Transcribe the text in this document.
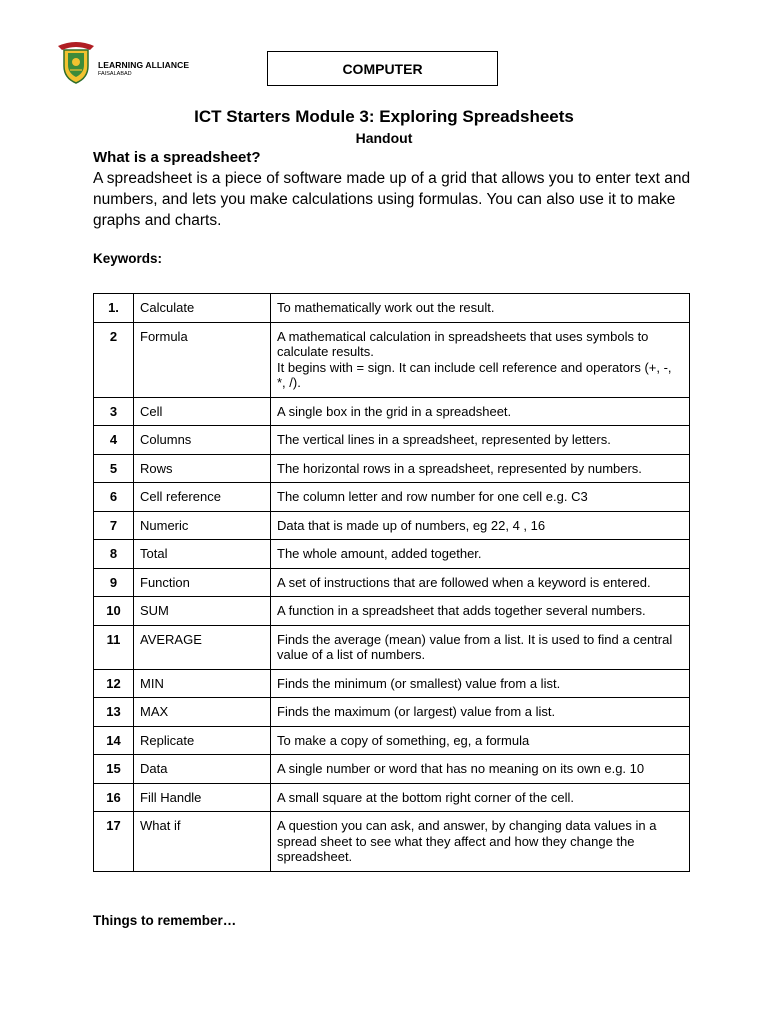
LEARNING ALLIANCE
FAISALABAD	COMPUTER
ICT Starters Module 3: Exploring Spreadsheets
Handout
What is a spreadsheet?
A spreadsheet is a piece of software made up of a grid that allows you to enter text and numbers, and lets you make calculations using formulas. You can also use it to make graphs and charts.
Keywords:
1.	Calculate	To mathematically work out the result.
2	Formula	A mathematical calculation in spreadsheets that uses symbols to calculate results.
It begins with = sign. It can include cell reference and operators (+, -, *, /).
3	Cell	A single box in the grid in a spreadsheet.
4	Columns	The vertical lines in a spreadsheet, represented by letters.
5	Rows	The horizontal rows in a spreadsheet, represented by numbers.
6	Cell reference	The column letter and row number for one cell e.g. C3
7	Numeric	Data that is made up of numbers, eg 22, 4 , 16
8	Total	The whole amount, added together.
9	Function	A set of instructions that are followed when a keyword is entered.
10	SUM	A function in a spreadsheet that adds together several numbers.
11	AVERAGE	Finds the average (mean) value from a list. It is used to find a central value of a list of numbers.
12	MIN	Finds the minimum (or smallest) value from a list.
13	MAX	Finds the maximum (or largest) value from a list.
14	Replicate	To make a copy of something, eg, a formula
15	Data	A single number or word that has no meaning on its own e.g. 10
16	Fill Handle	A small square at the bottom right corner of the cell.
17	What if	A question you can ask, and answer, by changing data values in a spread sheet to see what they affect and how they change the spreadsheet.
Things to remember…
